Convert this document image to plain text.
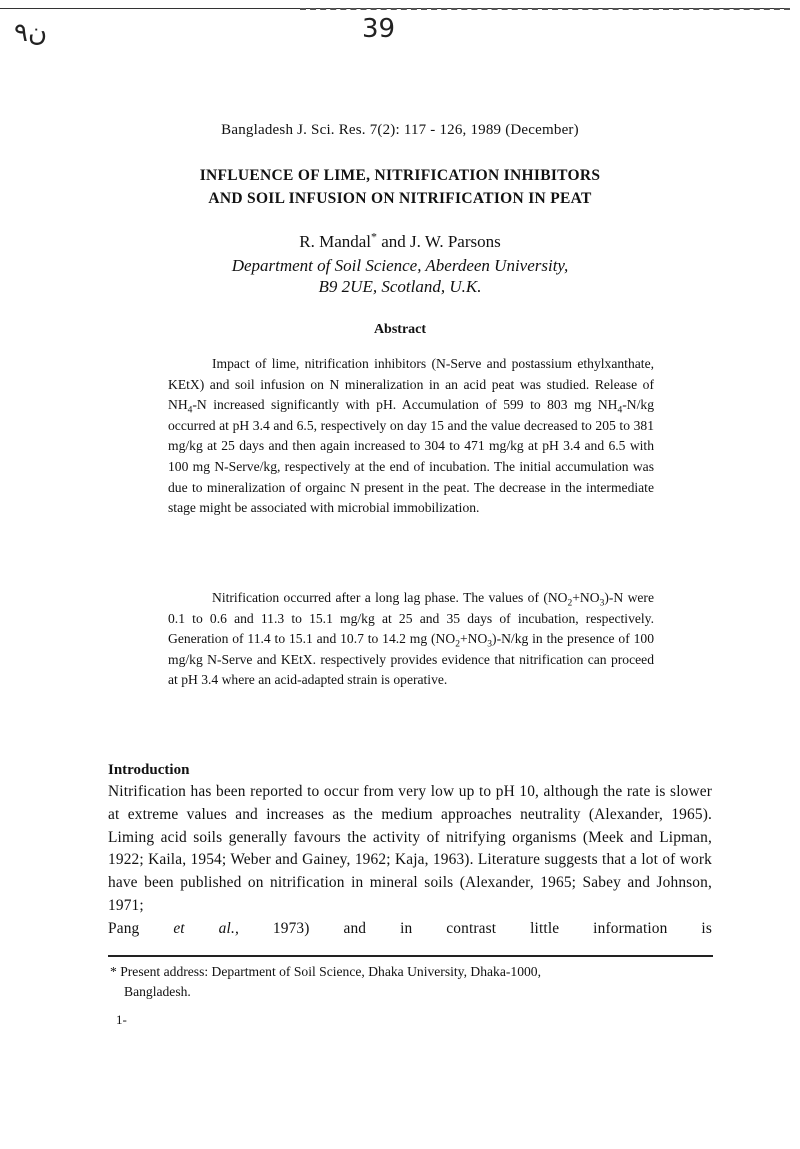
ن۹	39
Bangladesh J. Sci. Res. 7(2): 117 - 126, 1989 (December)
INFLUENCE OF LIME, NITRIFICATION INHIBITORS
AND SOIL INFUSION ON NITRIFICATION IN PEAT
R. Mandal* and J. W. Parsons
Department of Soil Science, Aberdeen University,
B9 2UE, Scotland, U.K.
Abstract

Impact of lime, nitrification inhibitors (N-Serve and postassium ethylxanthate, KEtX) and soil infusion on N mineralization in an acid peat was studied. Release of $NH_4-N$ increased significantly with pH. Accumulation of 599 to 803 mg $NH_4-N/kg$ occurred at pH 3.4 and 6.5, respectively on day 15 and the value decreased to 205 to 381 mg/kg at 25 days and then again increased to 304 to 471 mg/kg at pH 3.4 and 6.5 with 100 mg N-Serve/kg, respectively at the end of incubation. The initial accumulation was due to mineralization of orgainc N present in the peat. The decrease in the intermediate stage might be associated with microbial immobilization.

Nitrification occurred after a long lag phase. The values of $(NO_2+NO_3)-N$ were 0.1 to 0.6 and 11.3 to 15.1 mg/kg at 25 and 35 days of incubation, respectively. Generation of 11.4 to 15.1 and 10.7 to 14.2 mg $(NO_2+NO_3)-N/kg$ in the presence of 100 mg/kg N-Serve and KEtX. respectively provides evidence that nitrification can proceed at pH 3.4 where an acid-adapted strain is operative.

Introduction

Nitrification has been reported to occur from very low up to pH 10, although the rate is slower at extreme values and increases as the medium approaches neutrality (Alexander, 1965). Liming acid soils generally favours the activity of nitrifying organisms (Meek and Lipman, 1922; Kaila, 1954; Weber and Gainey, 1962; Kaja, 1963). Literature suggests that a lot of work have been published on nitrification in mineral soils (Alexander, 1965; Sabey and Johnson, 1971;

Pang et al., 1973) and in contrast little information is

* Present address: Department of Soil Science, Dhaka University, Dhaka-1000,
Bangladesh.
1-
